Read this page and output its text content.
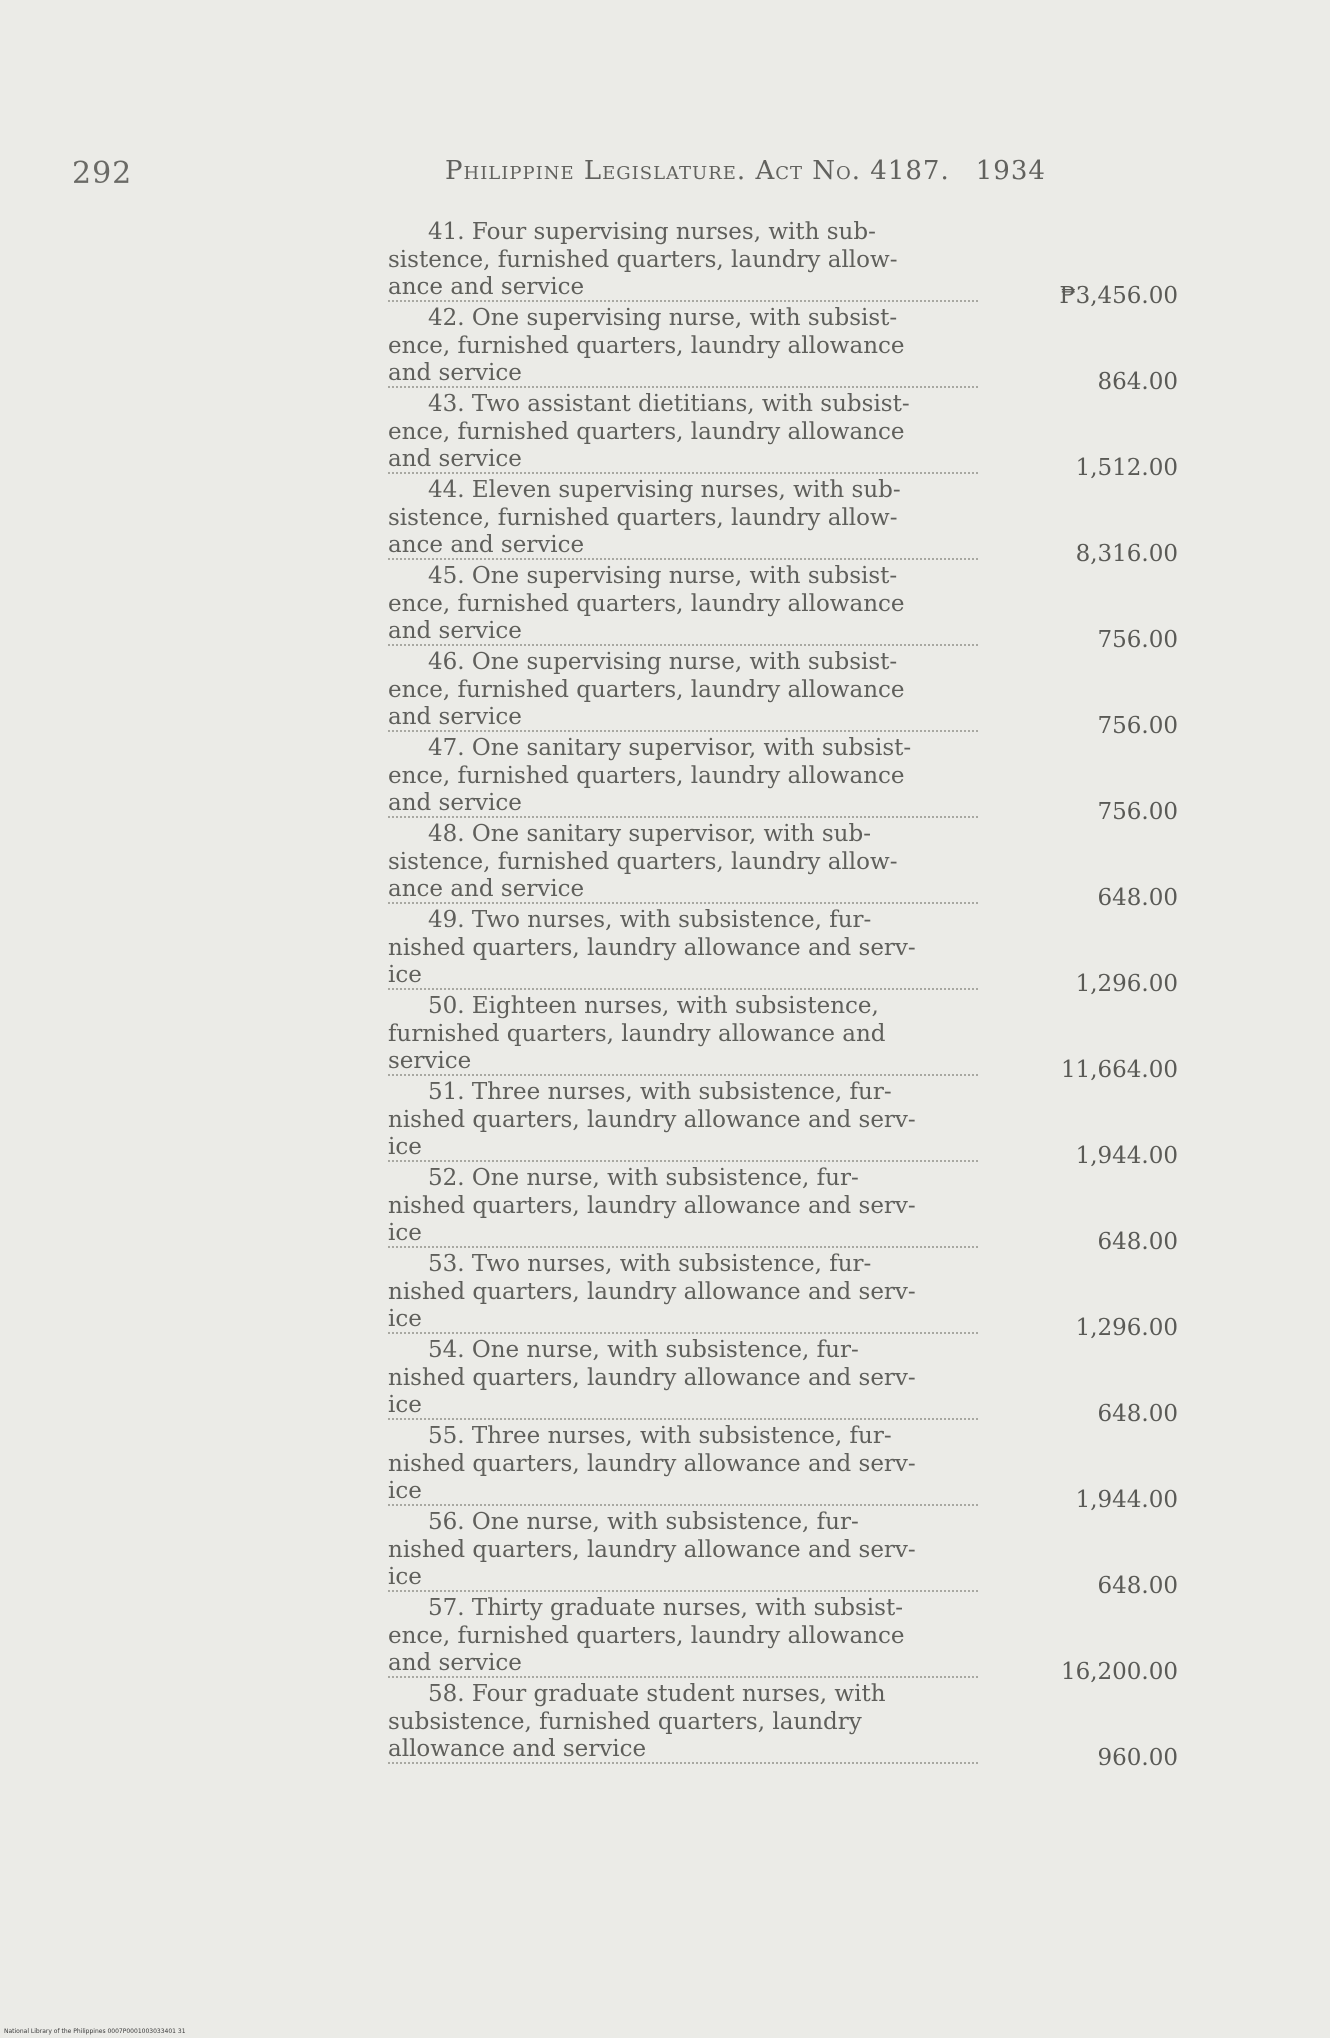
292	Philippine Legislature. Act No. 4187. 1934
41. Four supervising nurses, with sub-
sistence, furnished quarters, laundry allow-
ance and service	₱3,456.00
42. One supervising nurse, with subsist-
ence, furnished quarters, laundry allowance
and service	864.00
43. Two assistant dietitians, with subsist-
ence, furnished quarters, laundry allowance
and service	1,512.00
44. Eleven supervising nurses, with sub-
sistence, furnished quarters, laundry allow-
ance and service	8,316.00
45. One supervising nurse, with subsist-
ence, furnished quarters, laundry allowance
and service	756.00
46. One supervising nurse, with subsist-
ence, furnished quarters, laundry allowance
and service	756.00
47. One sanitary supervisor, with subsist-
ence, furnished quarters, laundry allowance
and service	756.00
48. One sanitary supervisor, with sub-
sistence, furnished quarters, laundry allow-
ance and service	648.00
49. Two nurses, with subsistence, fur-
nished quarters, laundry allowance and serv-
ice	1,296.00
50. Eighteen nurses, with subsistence,
furnished quarters, laundry allowance and
service	11,664.00
51. Three nurses, with subsistence, fur-
nished quarters, laundry allowance and serv-
ice	1,944.00
52. One nurse, with subsistence, fur-
nished quarters, laundry allowance and serv-
ice	648.00
53. Two nurses, with subsistence, fur-
nished quarters, laundry allowance and serv-
ice	1,296.00
54. One nurse, with subsistence, fur-
nished quarters, laundry allowance and serv-
ice	648.00
55. Three nurses, with subsistence, fur-
nished quarters, laundry allowance and serv-
ice	1,944.00
56. One nurse, with subsistence, fur-
nished quarters, laundry allowance and serv-
ice	648.00
57. Thirty graduate nurses, with subsist-
ence, furnished quarters, laundry allowance
and service	16,200.00
58. Four graduate student nurses, with
subsistence, furnished quarters, laundry
allowance and service	960.00
National Library of the Philippines 0007P0001003033401 31
